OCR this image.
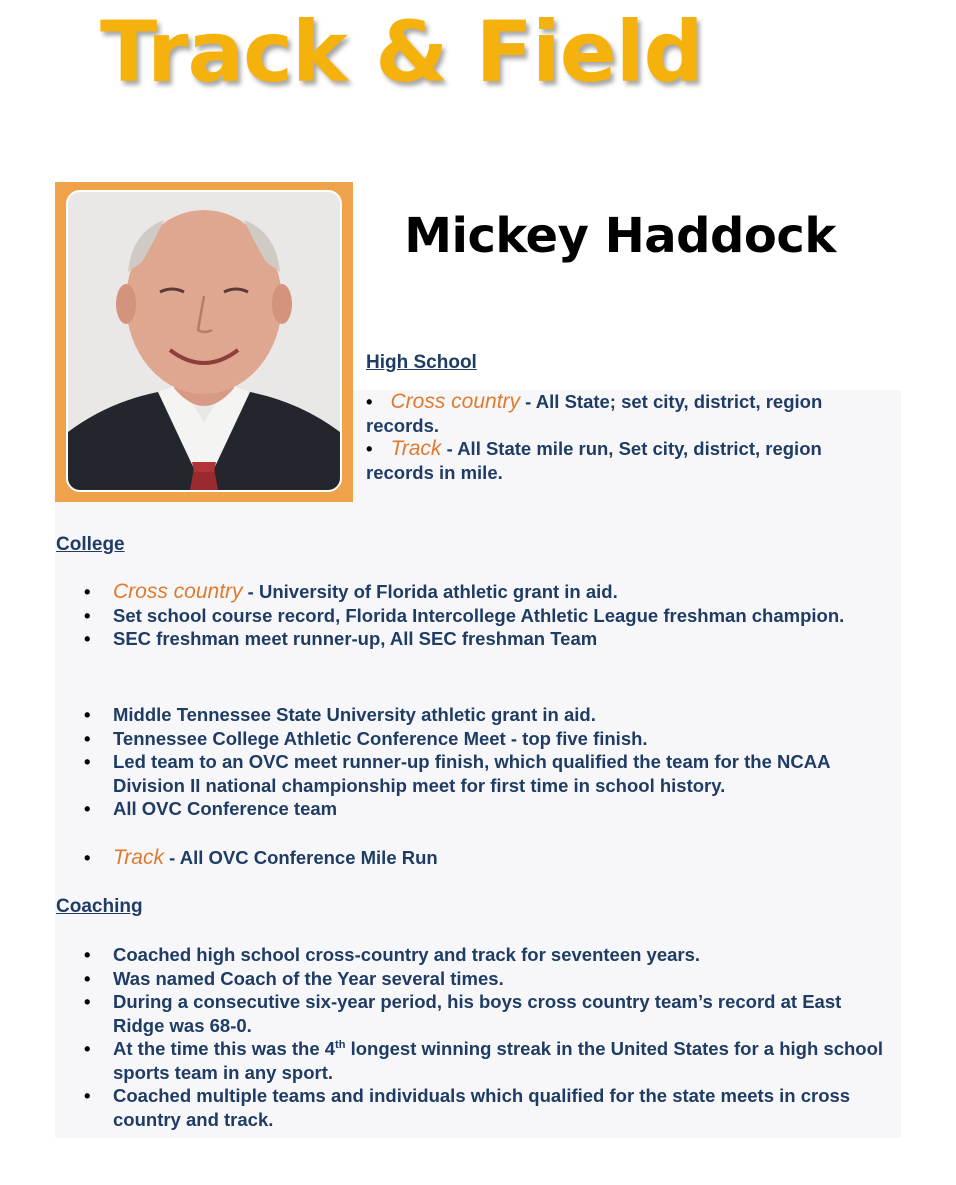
Track & Field
Mickey Haddock
High School
• Cross country - All State; set city, district, region records.
• Track - All State mile run, Set city, district, region records in mile.
College
• Cross country - University of Florida athletic grant in aid.
• Set school course record, Florida Intercollege Athletic League freshman champion.
• SEC freshman meet runner-up, All SEC freshman Team
• Middle Tennessee State University athletic grant in aid.
• Tennessee College Athletic Conference Meet - top five finish.
• Led team to an OVC meet runner-up finish, which qualified the team for the NCAA Division II national championship meet for first time in school history.
• All OVC Conference team
• Track - All OVC Conference Mile Run
Coaching
• Coached high school cross-country and track for seventeen years.
• Was named Coach of the Year several times.
• During a consecutive six-year period, his boys cross country team’s record at East Ridge was 68-0.
• At the time this was the 4th longest winning streak in the United States for a high school sports team in any sport.
• Coached multiple teams and individuals which qualified for the state meets in cross country and track.
